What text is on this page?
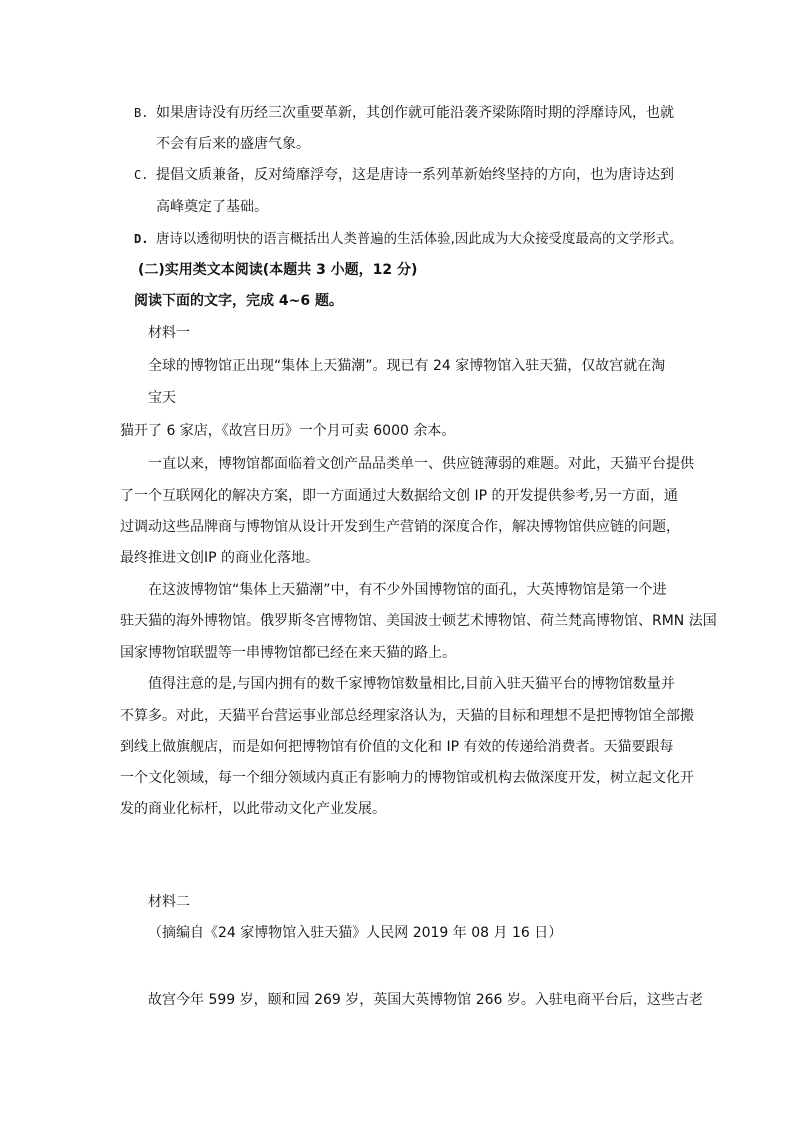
B. 如果唐诗没有历经三次重要革新，其创作就可能沿袭齐梁陈隋时期的浮靡诗风，也就
不会有后来的盛唐气象。
C. 提倡文质兼备，反对绮靡浮夸，这是唐诗一系列革新始终坚持的方向，也为唐诗达到
高峰奠定了基础。
D. 唐诗以透彻明快的语言概括出人类普遍的生活体验,因此成为大众接受度最高的文学形式。
(二)实用类文本阅读(本题共 3 小题，12 分)
阅读下面的文字，完成 4~6 题。
材料一
全球的博物馆正出现“集体上天猫潮”。现已有 24 家博物馆入驻天猫，仅故宫就在淘
宝天
猫开了 6 家店，《故宫日历》一个月可卖 6000 余本。
一直以来，博物馆都面临着文创产品品类单一、供应链薄弱的难题。对此，天猫平台提供
了一个互联网化的解决方案，即一方面通过大数据给文创 IP 的开发提供参考,另一方面，通
过调动这些品牌商与博物馆从设计开发到生产营销的深度合作，解决博物馆供应链的问题，
最终推进文创IP 的商业化落地。
在这波博物馆“集体上天猫潮”中，有不少外国博物馆的面孔，大英博物馆是第一个进
驻天猫的海外博物馆。俄罗斯冬宫博物馆、美国波士顿艺术博物馆、荷兰梵高博物馆、RMN 法国
国家博物馆联盟等一串博物馆都已经在来天猫的路上。
值得注意的是,与国内拥有的数千家博物馆数量相比,目前入驻天猫平台的博物馆数量并
不算多。对此，天猫平台营运事业部总经理家洛认为，天猫的目标和理想不是把博物馆全部搬
到线上做旗舰店，而是如何把博物馆有价值的文化和 IP 有效的传递给消费者。天猫要跟每
一个文化领域，每一个细分领域内真正有影响力的博物馆或机构去做深度开发，树立起文化开
发的商业化标杆，以此带动文化产业发展。
材料二
（摘编自《24 家博物馆入驻天猫》人民网 2019 年 08 月 16 日）
故宫今年 599 岁，颐和园 269 岁，英国大英博物馆 266 岁。入驻电商平台后，这些古老
